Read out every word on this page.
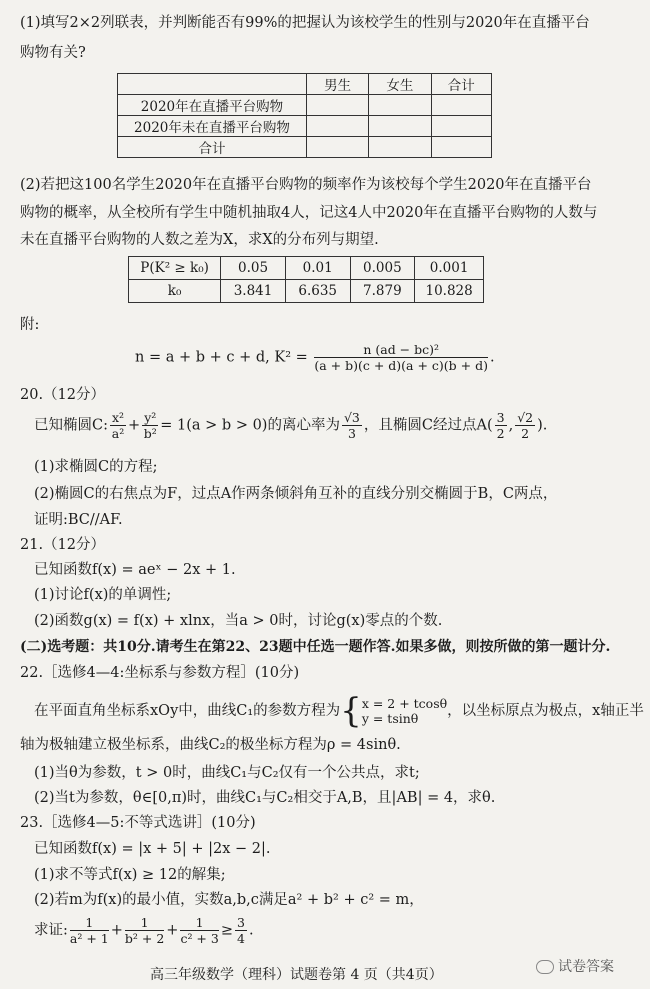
(1)填写2×2列联表，并判断能否有99%的把握认为该校学生的性别与2020年在直播平台
购物有关?
	男生	女生	合计
2020年在直播平台购物			
2020年未在直播平台购物			
合计			
(2)若把这100名学生2020年在直播平台购物的频率作为该校每个学生2020年在直播平台
购物的概率，从全校所有学生中随机抽取4人，记这4人中2020年在直播平台购物的人数与
未在直播平台购物的人数之差为X，求X的分布列与期望.
P(K² ≥ k₀)	0.05	0.01	0.005	0.001
k₀	3.841	6.635	7.879	10.828
附:
n = a + b + c + d, $K^2 = \frac{\text{n (ad − bc)²}}{(a + b)(c + d)(a + c)(b + d)}$ .
20.（12分）
已知椭圆C: $\frac{\text{x²}}{\text{a²}} + \frac{\text{y²}}{\text{b²}} = 1(a > b > 0)$的离心率为 $\frac{√3}{3}$ ，且椭圆C经过点$A( \frac{3}{2}$ , $\frac{√2}{2}$ ).
(1)求椭圆C的方程;
(2)椭圆C的右焦点为F，过点A作两条倾斜角互补的直线分别交椭圆于B，C两点，
证明:BC//AF.
21.（12分）
已知函数f(x) = aeˣ − 2x + 1.
(1)讨论f(x)的单调性;
(2)函数g(x) = f(x) + xlnx，当a > 0时，讨论g(x)零点的个数.
(二)选考题：共10分.请考生在第22、23题中任选一题作答.如果多做，则按所做的第一题计分.
22.［选修4—4:坐标系与参数方程］(10分)
在平面直角坐标系xOy中，曲线C₁的参数方程为{ x = 2 + tcosθ
y = tsinθ	，以坐标原点为极点，x轴正半
轴为极轴建立极坐标系，曲线C₂的极坐标方程为ρ = 4sinθ.
(1)当θ为参数，t > 0时，曲线C₁与C₂仅有一个公共点，求t;
(2)当t为参数，θ∈[0,π)时，曲线C₁与C₂相交于A,B，且|AB| = 4，求θ.
23.［选修4—5:不等式选讲］(10分)
已知函数f(x) = |x + 5| + |2x − 2|.
(1)求不等式f(x) ≥ 12的解集;
(2)若m为f(x)的最小值，实数a,b,c满足a² + b² + c² = m，
求证: $\frac{1}{\text{a² + 1}} + \frac{1}{\text{b² + 2}} + \frac{1}{\text{c² + 3}} \ge \frac{3}{4}$ .
高三年级数学（理科）试题卷第 4 页（共4页）	试卷答案
